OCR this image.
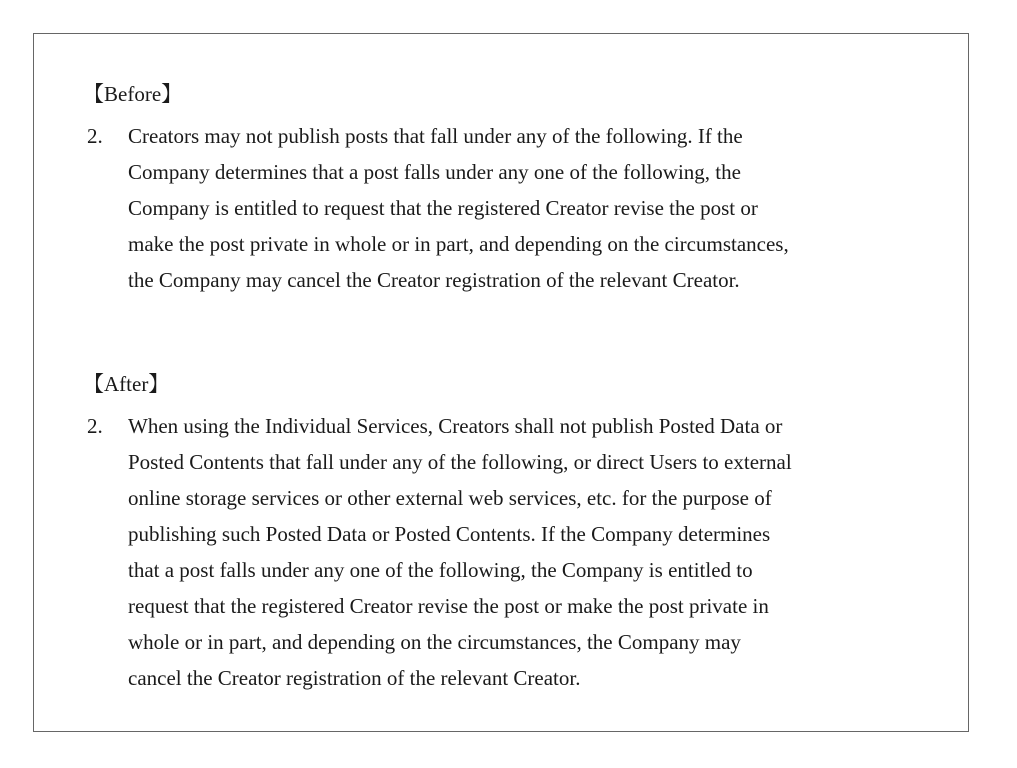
【Before】
2. Creators may not publish posts that fall under any of the following. If the
Company determines that a post falls under any one of the following, the
Company is entitled to request that the registered Creator revise the post or
make the post private in whole or in part, and depending on the circumstances,
the Company may cancel the Creator registration of the relevant Creator.
【After】
2. When using the Individual Services, Creators shall not publish Posted Data or
Posted Contents that fall under any of the following, or direct Users to external
online storage services or other external web services, etc. for the purpose of
publishing such Posted Data or Posted Contents. If the Company determines
that a post falls under any one of the following, the Company is entitled to
request that the registered Creator revise the post or make the post private in
whole or in part, and depending on the circumstances, the Company may
cancel the Creator registration of the relevant Creator.
